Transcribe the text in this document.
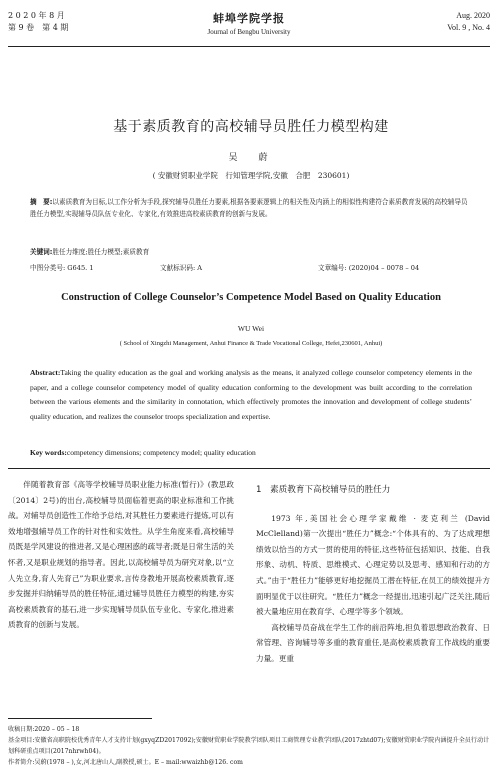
2 0 2 0 年 8 月
第 9 卷　第 4 期
蚌埠学院学报
Journal of Bengbu University
Aug. 2020
Vol. 9 , No. 4
基于素质教育的高校辅导员胜任力模型构建
吴　蔚
( 安徽财贸职业学院　行知管理学院,安徽　合肥　230601)
摘　要:以素质教育为目标,以工作分析为手段,探究辅导员胜任力要素,根据各要素逻辑上的相关性及内涵上的相似性构建符合素质教育发展的高校辅导员胜任力模型,实现辅导员队伍专业化、专家化,有效推进高校素质教育的创新与发展。
关键词:胜任力维度;胜任力模型;素质教育
中图分类号: G645. 1	文献标识码: A	文章编号: (2020)04 – 0078 – 04
Construction of College Counselor’s Competence Model Based on Quality Education
WU Wei
( School of Xingzhi Management, Anhui Finance & Trade Vocational College, Hefei,230601, Anhui)
Abstract:Taking the quality education as the goal and working analysis as the means, it analyzed college counselor competency elements in the paper, and a college counselor competency model of quality education conforming to the development was built according to the correlation between the various elements and the similarity in connotation, which effectively promotes the innovation and development of college students’ quality education, and realizes the counselor troops specialization and expertise.
Key words:competency dimensions; competency model; quality education

伴随着教育部《高等学校辅导员职业能力标准(暂行)》(教思政〔2014〕2号)的出台,高校辅导员面临着更高的职业标准和工作挑战。对辅导员创造性工作给予总结,对其胜任力要素进行提炼,可以有效地增强辅导员工作的针对性和实效性。从学生角度来看,高校辅导员既是学风建设的推进者,又是心理困惑的疏导者;既是日常生活的关怀者,又是职业规划的指导者。因此,以高校辅导员为研究对象,以“立人先立身,育人先育己”为职业要求,言传身教地开展高校素质教育,逐步发掘并归纳辅导员的胜任特征,通过辅导员胜任力模型的构建,夯实高校素质教育的基石,进一步实现辅导员队伍专业化、专家化,推进素质教育的创新与发展。

1　素质教育下高校辅导员的胜任力

1973 年,美国社会心理学家戴维 · 麦克利兰 (David McClelland)第一次提出“胜任力”概念:“个体具有的、为了达成理想绩效以恰当的方式一贯的使用的特征,这些特征包括知识、技能、自我形象、动机、特质、思维模式、心理定势以及思考、感知和行动的方式。”由于“胜任力”能够更好地挖掘员工潜在特征,在员工的绩效提升方面明显优于以往研究。“胜任力”概念一经提出,迅速引起广泛关注,随后被大量地应用在教育学、心理学等多个领域。

高校辅导员奋战在学生工作的前沿阵地,担负着思想政治教育、日常管理、咨询辅导等多重的教育重任,是高校素质教育工作战线的重要力量。更重

收稿日期:2020 – 05 – 18
基金项目:安徽省高职院校优秀青年人才支持计划(gxyqZD2017092);安徽财贸职业学院教学团队项目工商管理专业教学团队(2017zhtd07);安徽财贸职业学院内涵提升全员行动计划科研重点项目(2017nhrwh04)。
作者简介:吴蔚(1978 – ),女,河北唐山人,副教授,硕士。E – mail:wwaizhb@126. com
